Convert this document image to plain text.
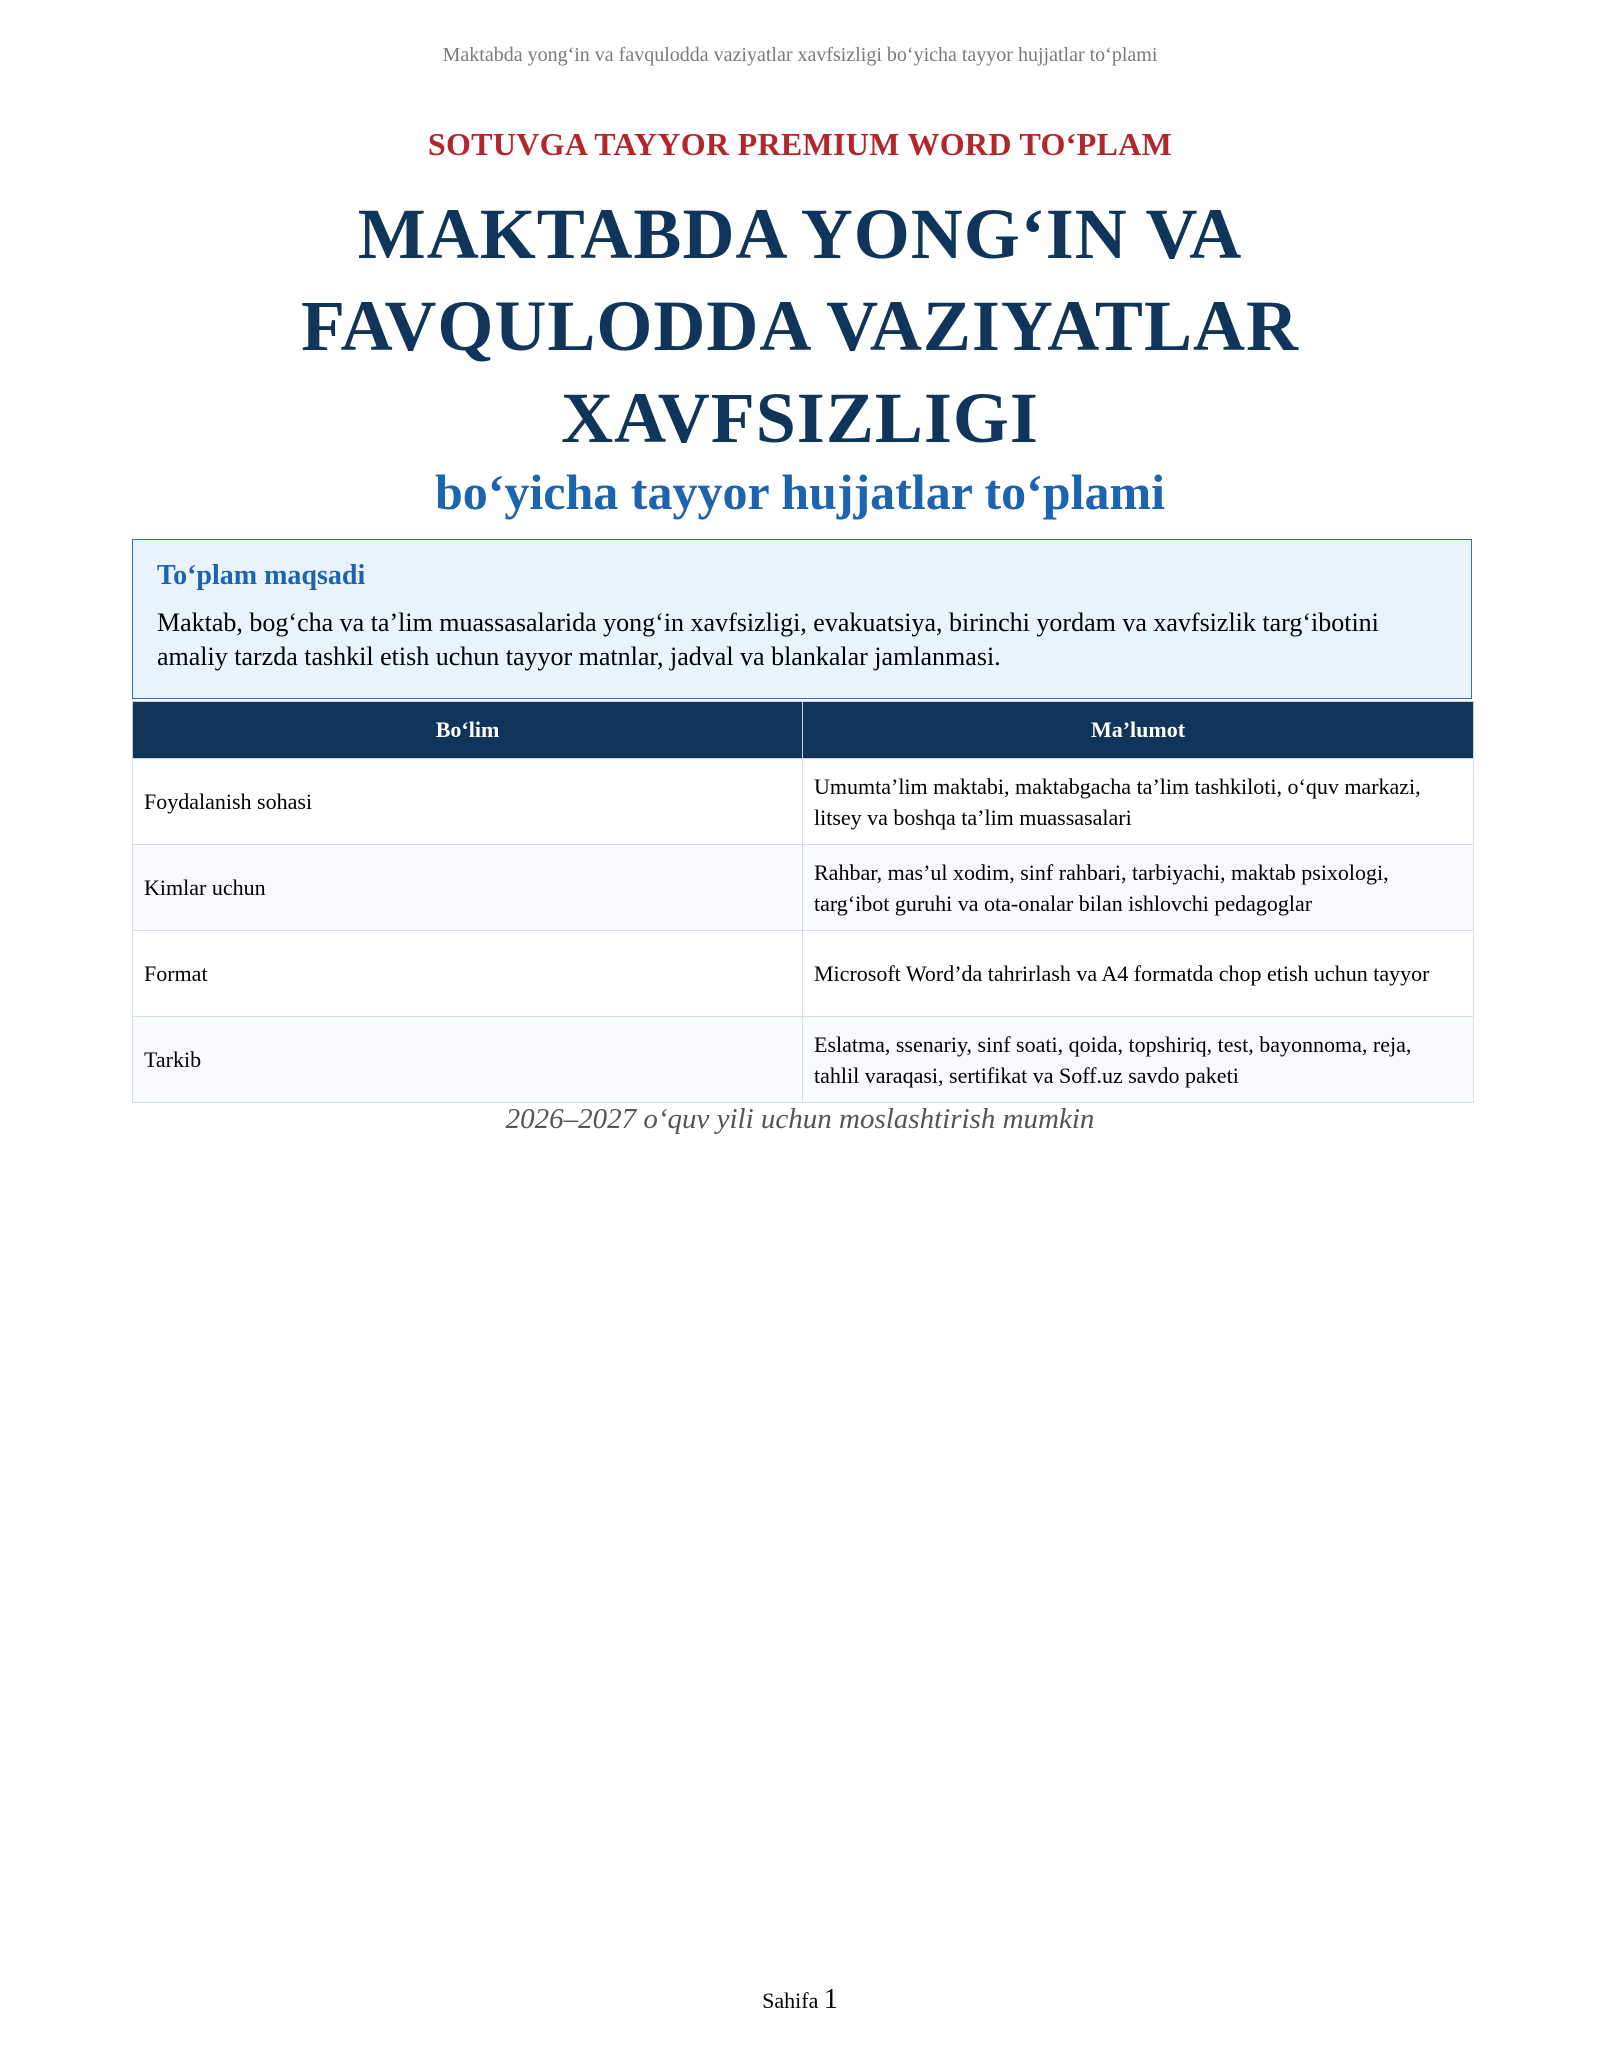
Maktabda yong‘in va favqulodda vaziyatlar xavfsizligi bo‘yicha tayyor hujjatlar to‘plami
SOTUVGA TAYYOR PREMIUM WORD TO‘PLAM
MAKTABDA YONG‘IN VA
FAVQULODDA VAZIYATLAR
XAVFSIZLIGI
bo‘yicha tayyor hujjatlar to‘plami
To‘plam maqsadi
Maktab, bog‘cha va ta’lim muassasalarida yong‘in xavfsizligi, evakuatsiya, birinchi yordam va xavfsizlik targ‘ibotini amaliy tarzda tashkil etish uchun tayyor matnlar, jadval va blankalar jamlanmasi.
Bo‘lim	Ma’lumot
Foydalanish sohasi	Umumta’lim maktabi, maktabgacha ta’lim tashkiloti, o‘quv markazi, litsey va boshqa ta’lim muassasalari
Kimlar uchun	Rahbar, mas’ul xodim, sinf rahbari, tarbiyachi, maktab psixologi, targ‘ibot guruhi va ota-onalar bilan ishlovchi pedagoglar
Format	Microsoft Word’da tahrirlash va A4 formatda chop etish uchun tayyor
Tarkib	Eslatma, ssenariy, sinf soati, qoida, topshiriq, test, bayonnoma, reja, tahlil varaqasi, sertifikat va Soff.uz savdo paketi
2026–2027 o‘quv yili uchun moslashtirish mumkin
Sahifa 1
